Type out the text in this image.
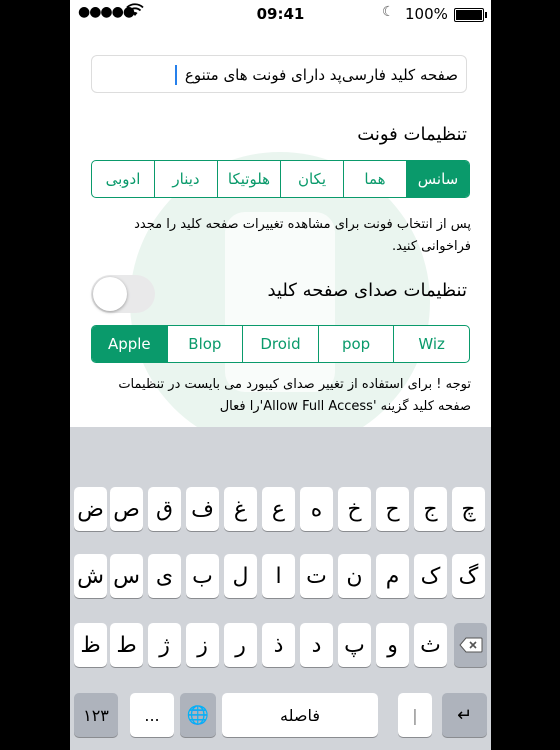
●●●●●	09:41	☾ 100%
صفحه کلید فارسی‌پد دارای فونت های متنوع
تنظیمات فونت
سانس
هما
یکان
هلوتیکا
دینار
ادوبی
پس از انتخاب فونت برای مشاهده تغییرات صفحه کلید را مجدد فراخوانی کنید.
تنظیمات صدای صفحه کلید
Apple	Blop	Droid	pop	Wiz
توجه ! برای استفاده از تغییر صدای کیبورد می بایست در تنظیمات صفحه کلید گزینه 'Allow Full Access'را فعال
چ
ج
ح
خ
ه
ع
غ
ف
ق
ص
ض
گ
ک
م
ن
ت
ا
ل
ب
ی
س
ش
ث
و
پ
د
ذ
ر
ز
ژ
ط
ظ
۱۲۳	...	🌐	فاصله	|	↵
